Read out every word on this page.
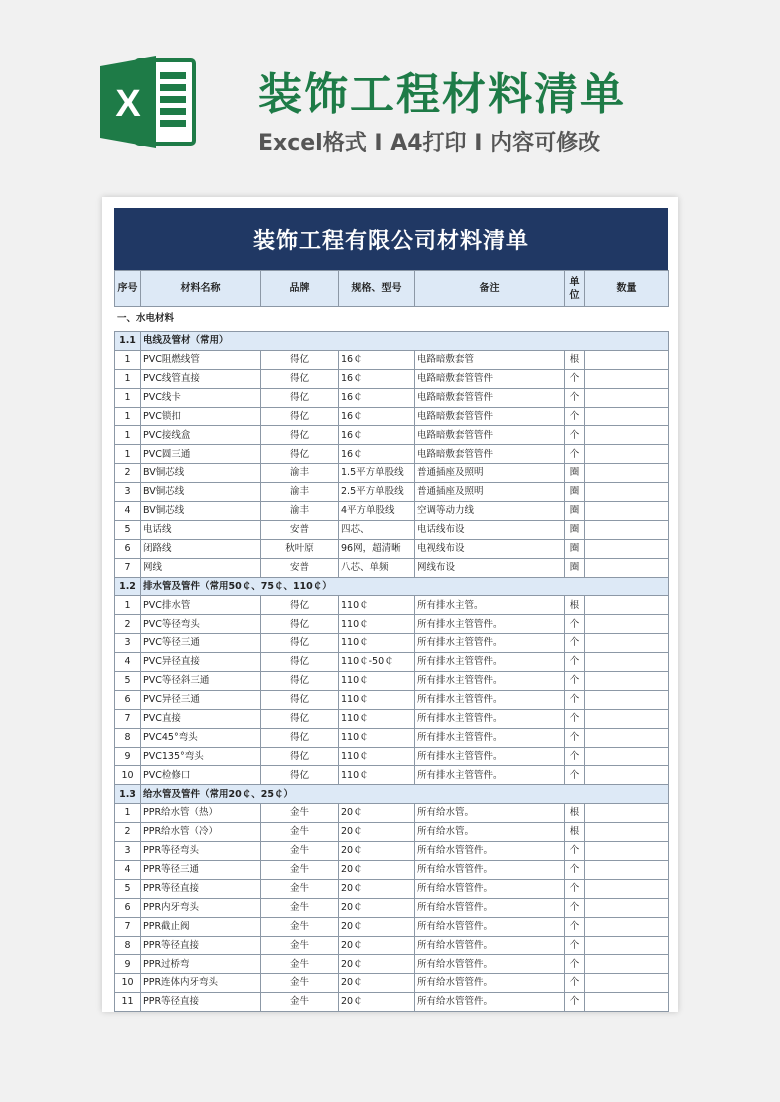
X	装饰工程材料清单
Excel格式 I A4打印 I 内容可修改
装饰工程有限公司材料清单
序号	材料名称	品牌	规格、型号	备注	单位	数量
一、水电材料						
1.1	电线及管材（常用）					
1	PVC阻燃线管	得亿	16￠	电路暗敷套管	根	
1	PVC线管直接	得亿	16￠	电路暗敷套管管件	个	
1	PVC线卡	得亿	16￠	电路暗敷套管管件	个	
1	PVC锁扣	得亿	16￠	电路暗敷套管管件	个	
1	PVC接线盒	得亿	16￠	电路暗敷套管管件	个	
1	PVC圆三通	得亿	16￠	电路暗敷套管管件	个	
2	BV铜芯线	渝丰	1.5平方单股线	普通插座及照明	圈	
3	BV铜芯线	渝丰	2.5平方单股线	普通插座及照明	圈	
4	BV铜芯线	渝丰	4平方单股线	空调等动力线	圈	
5	电话线	安普	四芯、	电话线布设	圈	
6	闭路线	秋叶原	96网，超清晰	电视线布设	圈	
7	网线	安普	八芯、单频	网线布设	圈	
1.2	排水管及管件（常用50￠、75￠、110￠）					
1	PVC排水管	得亿	110￠	所有排水主管。	根	
2	PVC等径弯头	得亿	110￠	所有排水主管管件。	个	
3	PVC等径三通	得亿	110￠	所有排水主管管件。	个	
4	PVC异径直接	得亿	110￠-50￠	所有排水主管管件。	个	
5	PVC等径斜三通	得亿	110￠	所有排水主管管件。	个	
6	PVC异径三通	得亿	110￠	所有排水主管管件。	个	
7	PVC直接	得亿	110￠	所有排水主管管件。	个	
8	PVC45°弯头	得亿	110￠	所有排水主管管件。	个	
9	PVC135°弯头	得亿	110￠	所有排水主管管件。	个	
10	PVC检修口	得亿	110￠	所有排水主管管件。	个	
1.3	给水管及管件（常用20￠、25￠）					
1	PPR给水管（热）	金牛	20￠	所有给水管。	根	
2	PPR给水管（冷）	金牛	20￠	所有给水管。	根	
3	PPR等径弯头	金牛	20￠	所有给水管管件。	个	
4	PPR等径三通	金牛	20￠	所有给水管管件。	个	
5	PPR等径直接	金牛	20￠	所有给水管管件。	个	
6	PPR内牙弯头	金牛	20￠	所有给水管管件。	个	
7	PPR截止阀	金牛	20￠	所有给水管管件。	个	
8	PPR等径直接	金牛	20￠	所有给水管管件。	个	
9	PPR过桥弯	金牛	20￠	所有给水管管件。	个	
10	PPR连体内牙弯头	金牛	20￠	所有给水管管件。	个	
11	PPR等径直接	金牛	20￠	所有给水管管件。	个	
